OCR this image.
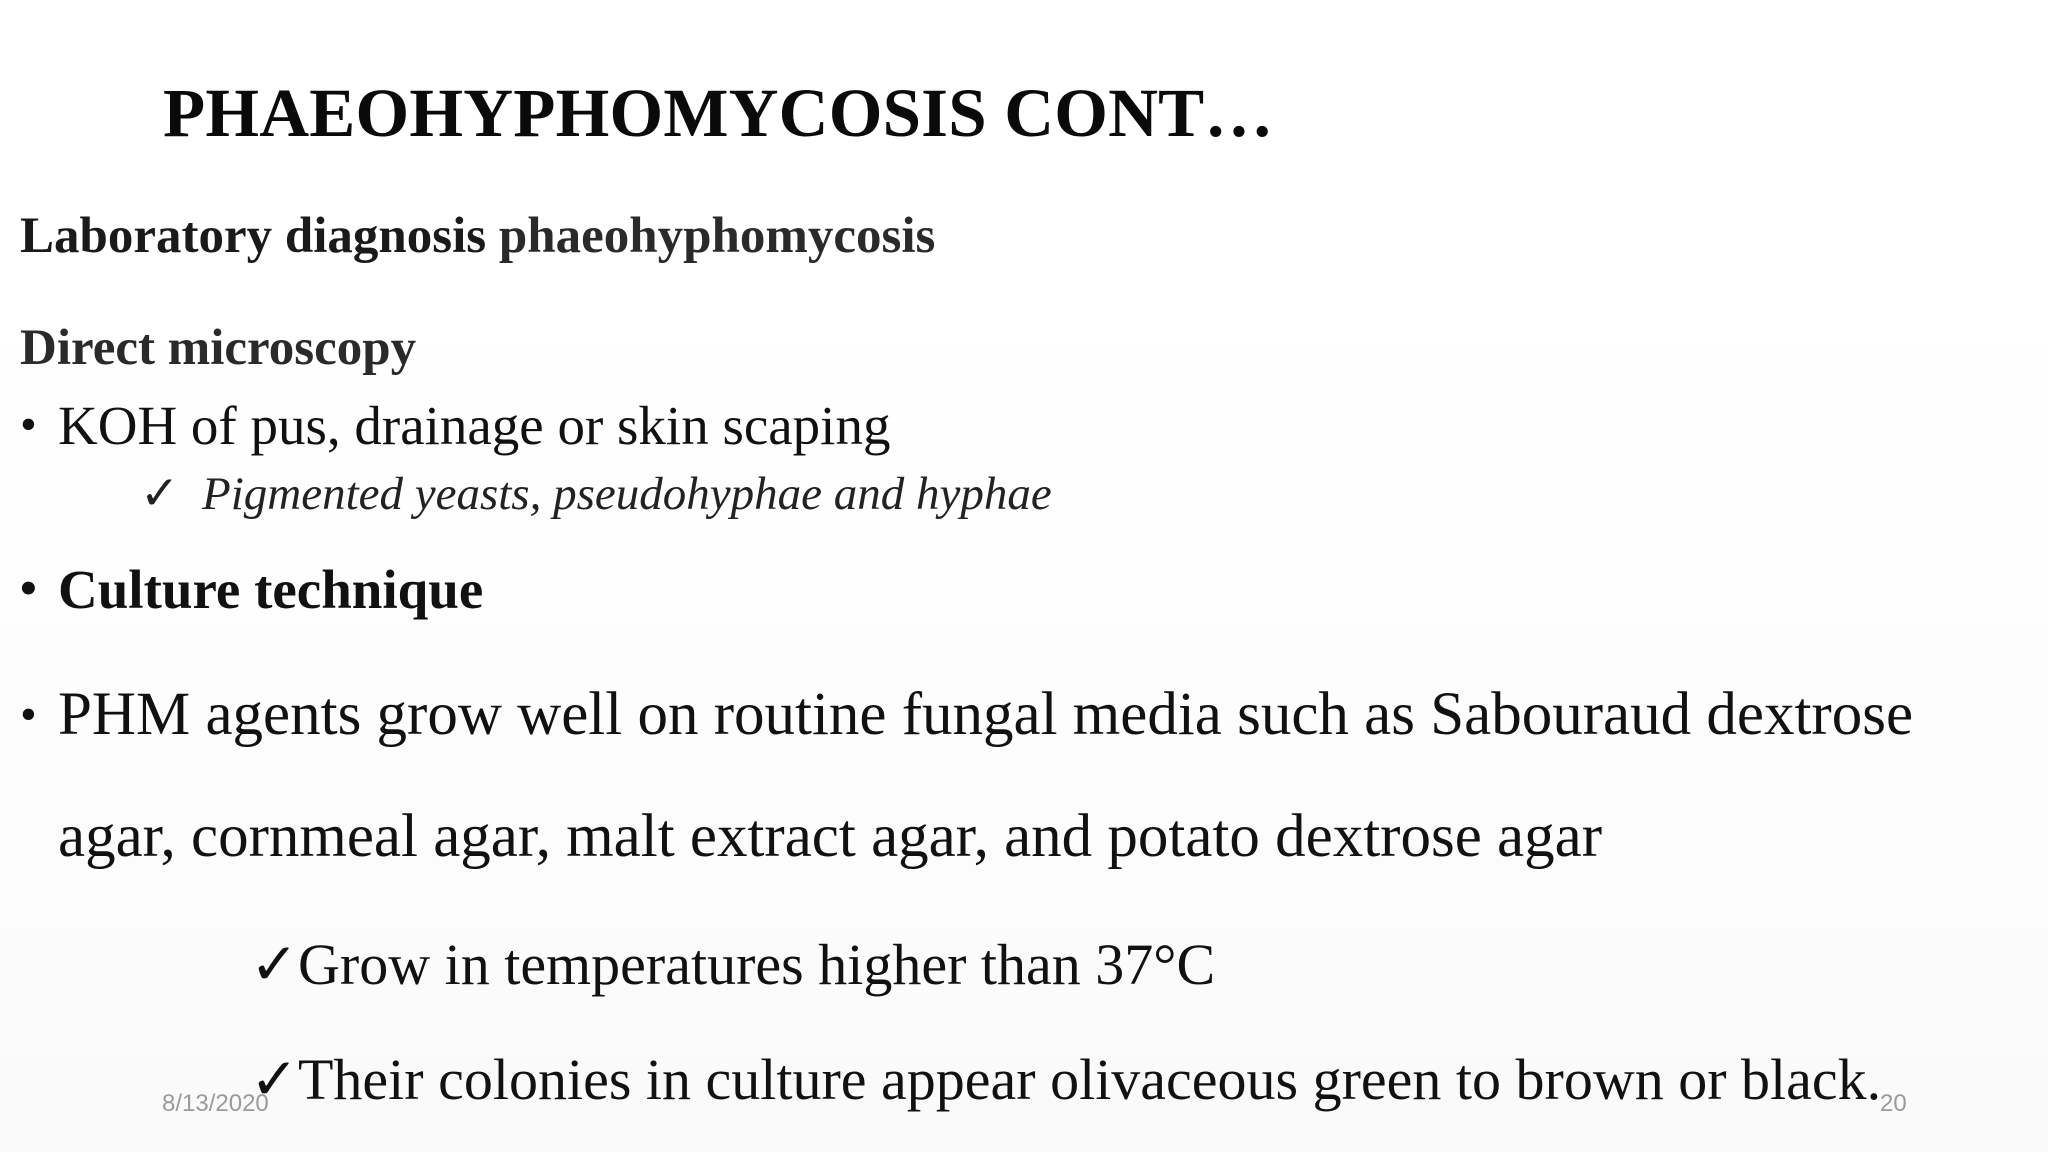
PHAEOHYPHOMYCOSIS CONT…
Laboratory diagnosis phaeohyphomycosis
Direct microscopy
• KOH of pus, drainage or skin scaping
✓ Pigmented yeasts, pseudohyphae and hyphae
• Culture technique
• PHM agents grow well on routine fungal media such as Sabouraud dextrose
agar, cornmeal agar, malt extract agar, and potato dextrose agar
✓Grow in temperatures higher than 37°C
✓Their colonies in culture appear olivaceous green to brown or black.
8/13/2020	20
